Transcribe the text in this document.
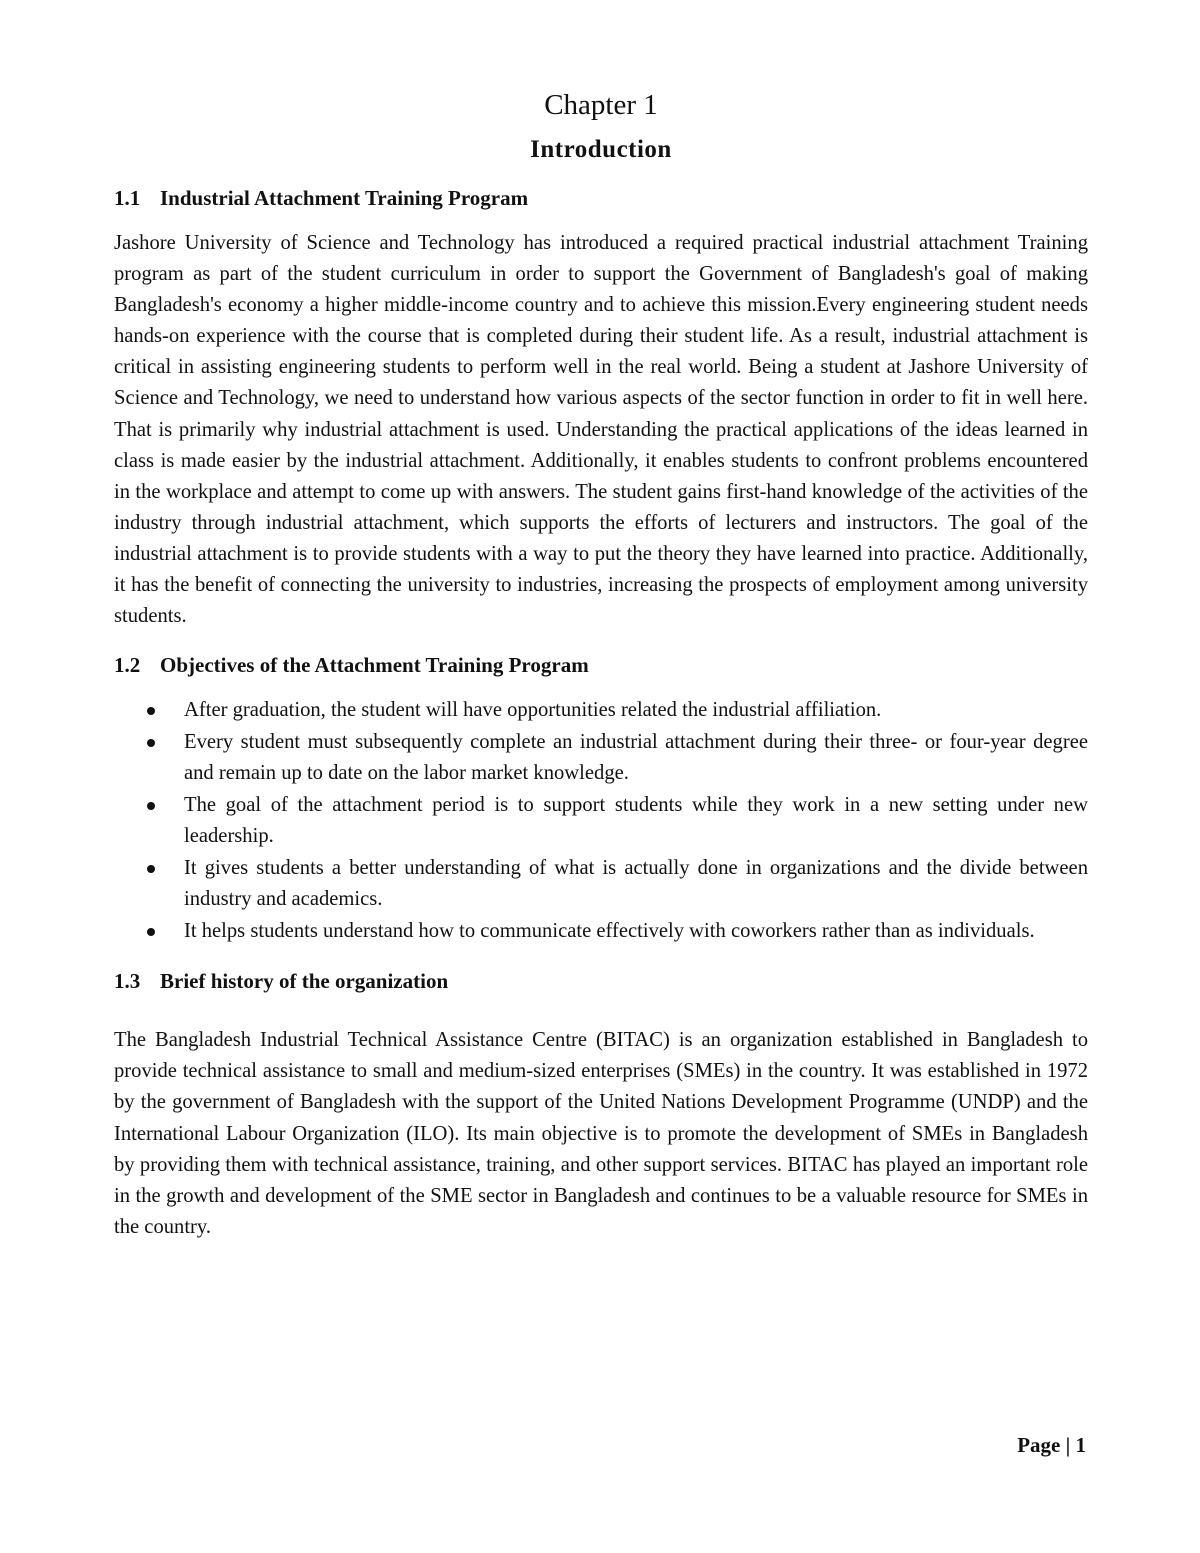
Chapter 1
Introduction
1.1 Industrial Attachment Training Program

Jashore University of Science and Technology has introduced a required practical industrial attachment Training program as part of the student curriculum in order to support the Government of Bangladesh's goal of making Bangladesh's economy a higher middle-income country and to achieve this mission.Every engineering student needs hands-on experience with the course that is completed during their student life. As a result, industrial attachment is critical in assisting engineering students to perform well in the real world. Being a student at Jashore University of Science and Technology, we need to understand how various aspects of the sector function in order to fit in well here. That is primarily why industrial attachment is used. Understanding the practical applications of the ideas learned in class is made easier by the industrial attachment. Additionally, it enables students to confront problems encountered in the workplace and attempt to come up with answers. The student gains first-hand knowledge of the activities of the industry through industrial attachment, which supports the efforts of lecturers and instructors. The goal of the industrial attachment is to provide students with a way to put the theory they have learned into practice. Additionally, it has the benefit of connecting the university to industries, increasing the prospects of employment among university students.

1.2 Objectives of the Attachment Training Program
After graduation, the student will have opportunities related the industrial affiliation.
Every student must subsequently complete an industrial attachment during their three- or four-year degree and remain up to date on the labor market knowledge.
The goal of the attachment period is to support students while they work in a new setting under new leadership.
It gives students a better understanding of what is actually done in organizations and the divide between industry and academics.
It helps students understand how to communicate effectively with coworkers rather than as individuals.
1.3 Brief history of the organization

The Bangladesh Industrial Technical Assistance Centre (BITAC) is an organization established in Bangladesh to provide technical assistance to small and medium-sized enterprises (SMEs) in the country. It was established in 1972 by the government of Bangladesh with the support of the United Nations Development Programme (UNDP) and the International Labour Organization (ILO). Its main objective is to promote the development of SMEs in Bangladesh by providing them with technical assistance, training, and other support services. BITAC has played an important role in the growth and development of the SME sector in Bangladesh and continues to be a valuable resource for SMEs in the country.

Page | 1
